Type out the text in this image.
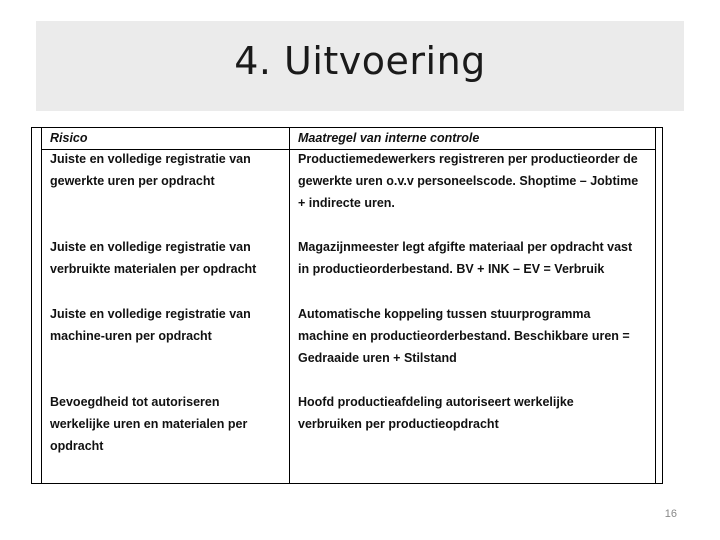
4. Uitvoering
Risico	Maatregel van interne controle
Juiste en volledige registratie van
gewerkte uren per opdracht
Productiemedewerkers registreren per productieorder de
gewerkte uren o.v.v personeelscode. Shoptime – Jobtime
+ indirecte uren.
Juiste en volledige registratie van
verbruikte materialen per opdracht
Magazijnmeester legt afgifte materiaal per opdracht vast
in productieorderbestand. BV + INK – EV = Verbruik
Juiste en volledige registratie van
machine-uren per opdracht
Automatische koppeling tussen stuurprogramma
machine en productieorderbestand. Beschikbare uren =
Gedraaide uren + Stilstand
Bevoegdheid tot autoriseren
werkelijke uren en materialen per
opdracht
Hoofd productieafdeling autoriseert werkelijke
verbruiken per productieopdracht
16
